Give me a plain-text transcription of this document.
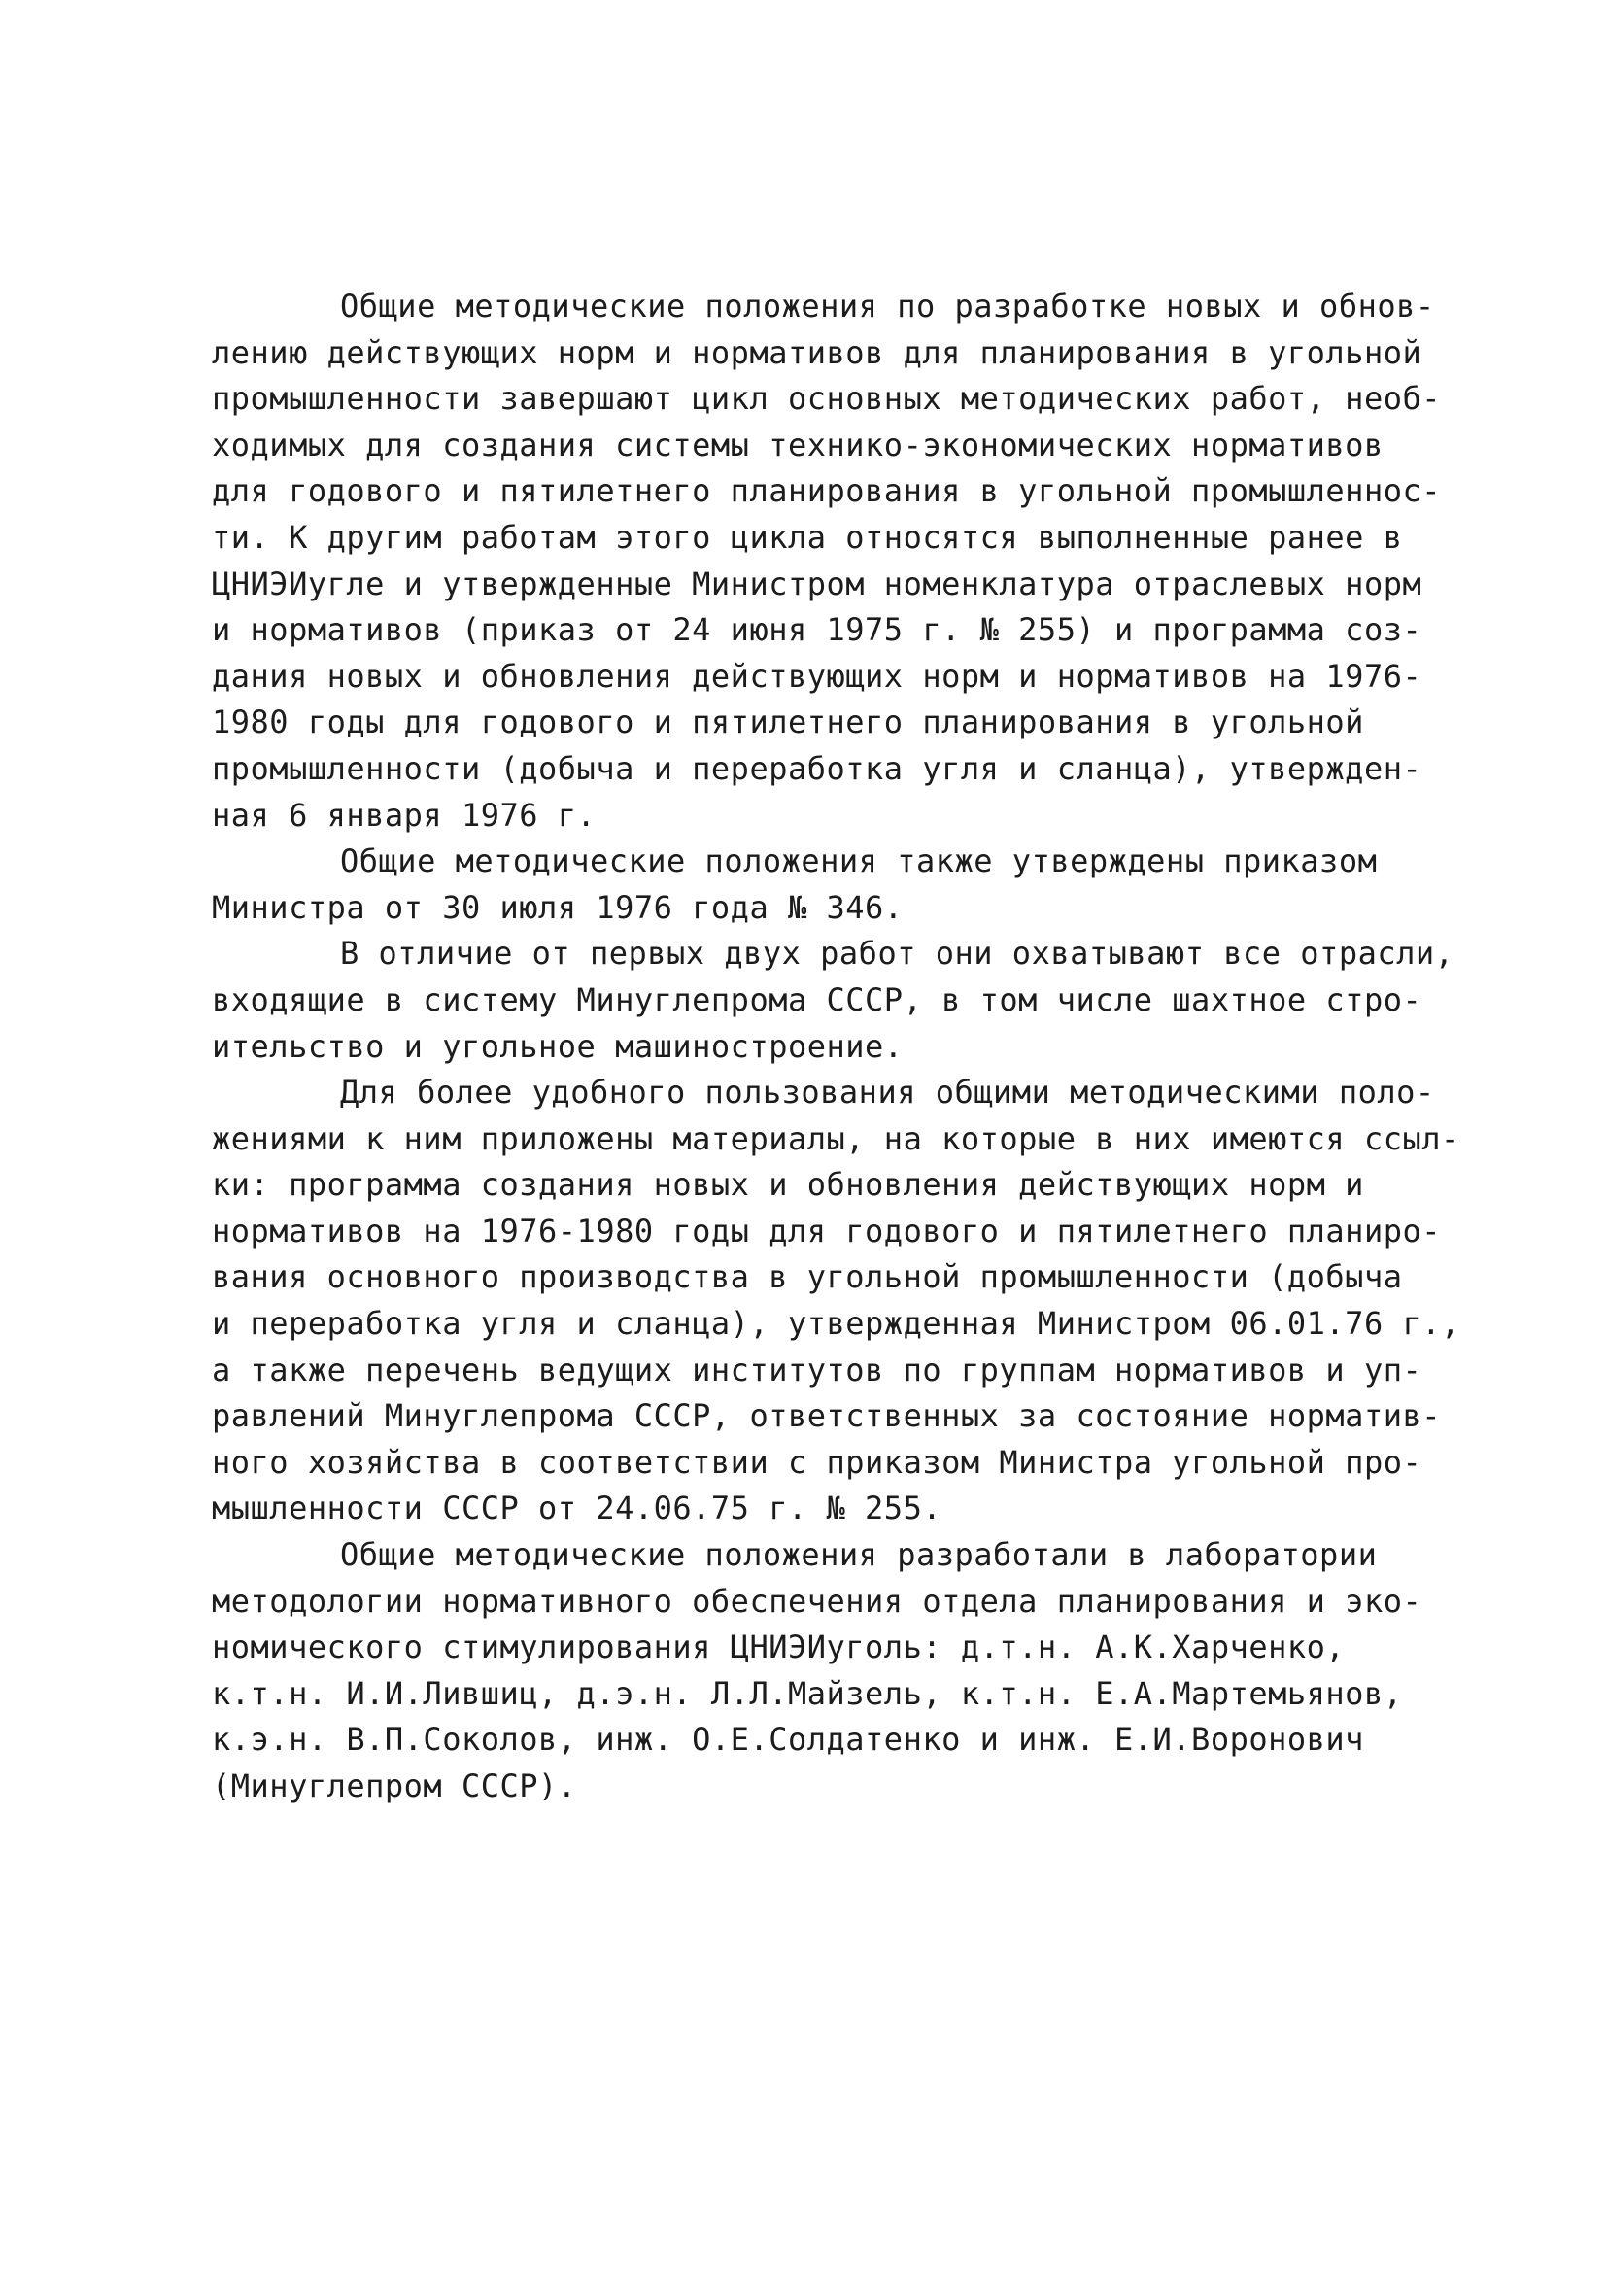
Общие методические положения по разработке новых и обнов-
лению действующих норм и нормативов для планирования в угольной
промышленности завершают цикл основных методических работ, необ-
ходимых для создания системы технико-экономических нормативов
для годового и пятилетнего планирования в угольной промышленнос-
ти. К другим работам этого цикла относятся выполненные ранее в
ЦНИЭИугле и утвержденные Министром номенклатура отраслевых норм
и нормативов (приказ от 24 июня 1975 г. № 255) и программа соз-
дания новых и обновления действующих норм и нормативов на 1976-
1980 годы для годового и пятилетнего планирования в угольной
промышленности (добыча и переработка угля и сланца), утвержден-
ная 6 января 1976 г.
Общие методические положения также утверждены приказом
Министра от 30 июля 1976 года № 346.
В отличие от первых двух работ они охватывают все отрасли,
входящие в систему Минуглепрома СССР, в том числе шахтное стро-
ительство и угольное машиностроение.
Для более удобного пользования общими методическими поло-
жениями к ним приложены материалы, на которые в них имеются ссыл-
ки: программа создания новых и обновления действующих норм и
нормативов на 1976-1980 годы для годового и пятилетнего планиро-
вания основного производства в угольной промышленности (добыча
и переработка угля и сланца), утвержденная Министром 06.01.76 г.,
а также перечень ведущих институтов по группам нормативов и уп-
равлений Минуглепрома СССР, ответственных за состояние норматив-
ного хозяйства в соответствии с приказом Министра угольной про-
мышленности СССР от 24.06.75 г. № 255.
Общие методические положения разработали в лаборатории
методологии нормативного обеспечения отдела планирования и эко-
номического стимулирования ЦНИЭИуголь: д.т.н. А.К.Харченко,
к.т.н. И.И.Лившиц, д.э.н. Л.Л.Майзель, к.т.н. Е.А.Мартемьянов,
к.э.н. В.П.Соколов, инж. О.Е.Солдатенко и инж. Е.И.Воронович
(Минуглепром СССР).
